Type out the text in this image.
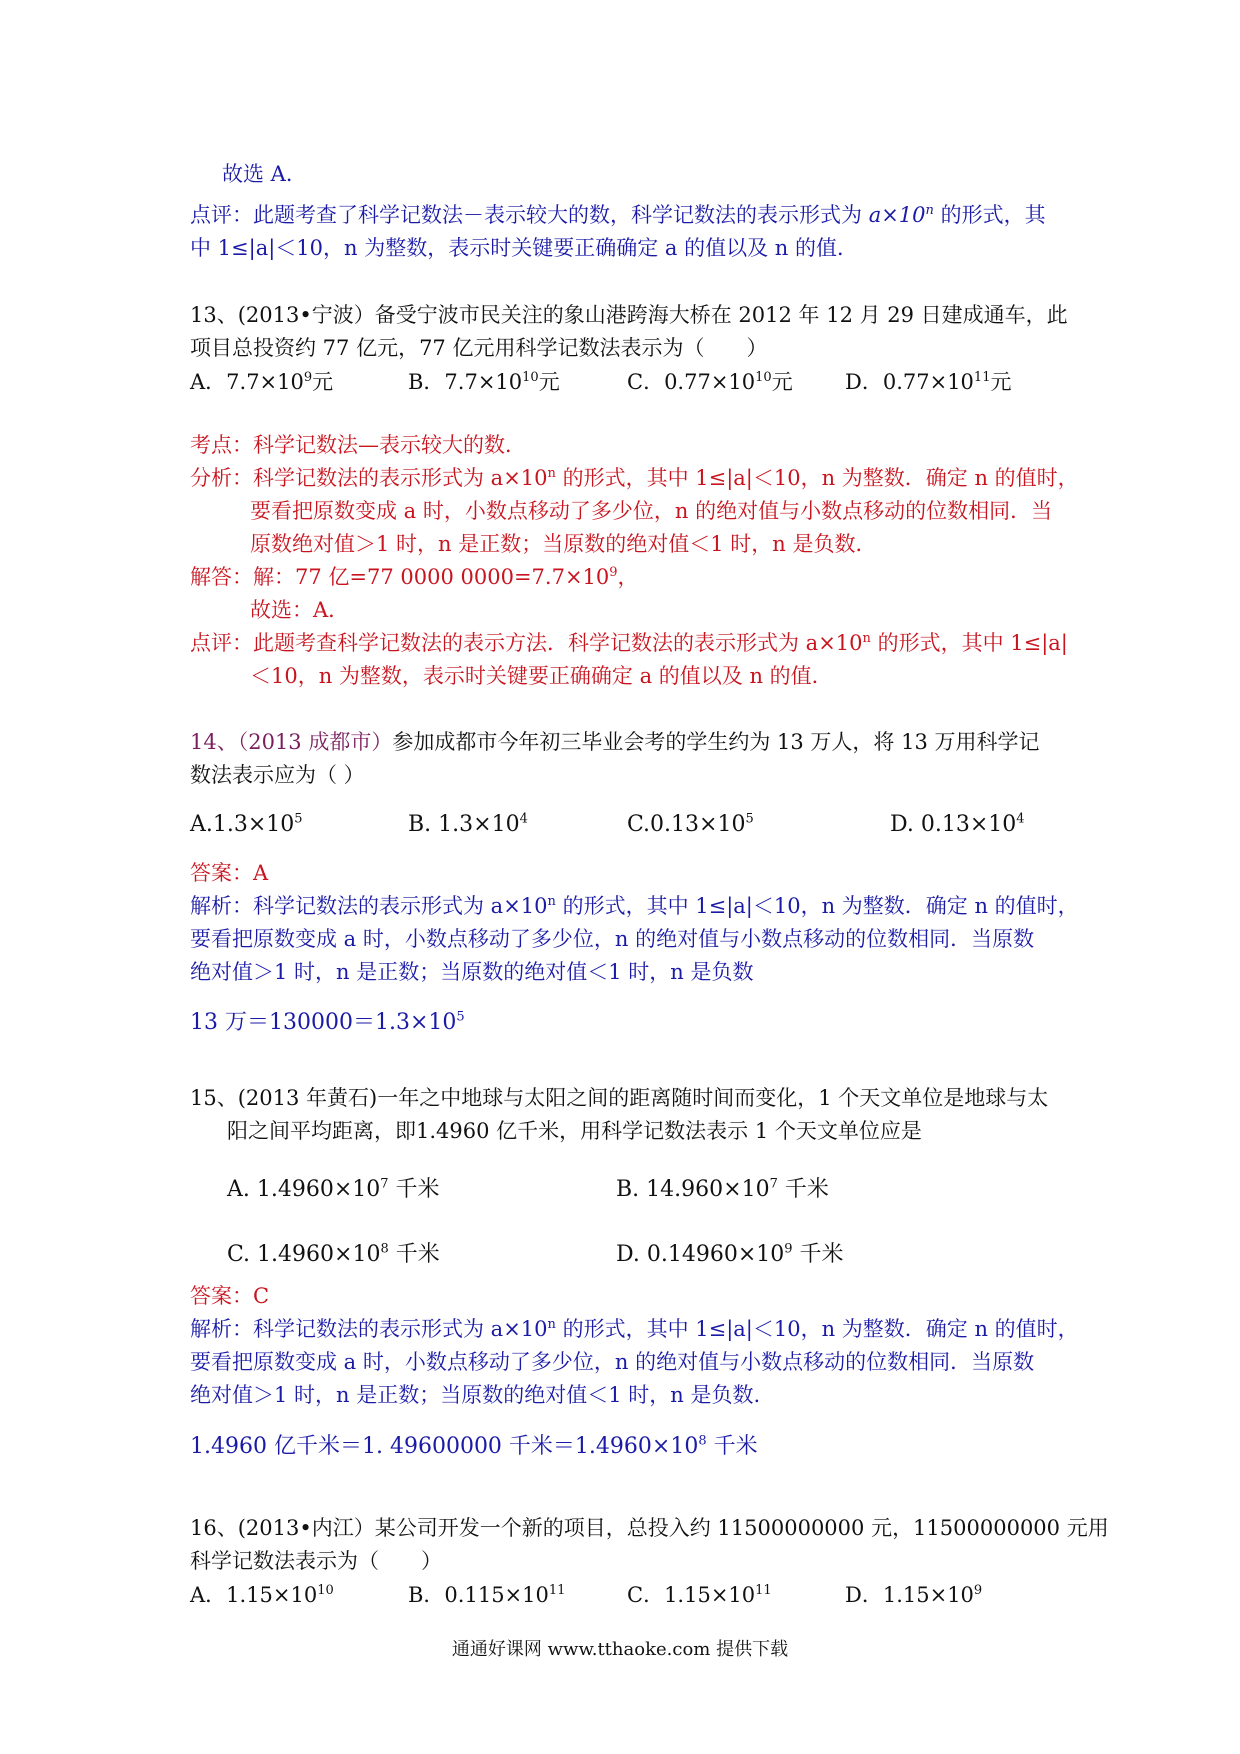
故选 A．
点评：此题考查了科学记数法－表示较大的数，科学记数法的表示形式为 $a\times 10^n$ 的形式，其
中 1≤|a|＜10，n 为整数，表示时关键要正确确定 a 的值以及 n 的值．
13、(2013•宁波）备受宁波市民关注的象山港跨海大桥在 2012 年 12 月 29 日建成通车，此
项目总投资约 77 亿元，77 亿元用科学记数法表示为（　　）
A．$7.7\times 10^9$元	B．$7.7\times 10^{10}$元	C．$0.77\times 10^{10}$元 D．$0.77\times 10^{11}$元
考点：科学记数法—表示较大的数．
分析：科学记数法的表示形式为 $a\times 10^n$ 的形式，其中 1≤|a|＜10，n 为整数．确定 n 的值时，
要看把原数变成 a 时，小数点移动了多少位，n 的绝对值与小数点移动的位数相同．当
原数绝对值＞1 时，n 是正数；当原数的绝对值＜1 时，n 是负数．
解答：解：77 亿=77 0000 $0000=7.7\times 10^9$，
故选：A．
点评：此题考查科学记数法的表示方法．科学记数法的表示形式为 $a\times 10^n$ 的形式，其中 1≤|a|
＜10，n 为整数，表示时关键要正确确定 a 的值以及 n 的值．
14、（2013 成都市）参加成都市今年初三毕业会考的学生约为 13 万人，将 13 万用科学记
数法表示应为（ ）
$A.1.3\times 10^5$	B. $1.3\times 10^4$	$C.0.13\times 10^5$	D. $0.13\times 10^4$
答案：A
解析：科学记数法的表示形式为 $a\times 10^n$ 的形式，其中 1≤|a|＜10，n 为整数．确定 n 的值时，
要看把原数变成 a 时，小数点移动了多少位，n 的绝对值与小数点移动的位数相同．当原数
绝对值＞1 时，n 是正数；当原数的绝对值＜1 时，n 是负数
13 万$=130000=1.3\times 10^5$
15、(2013 年黄石)一年之中地球与太阳之间的距离随时间而变化，1 个天文单位是地球与太
阳之间平均距离，即1.4960 亿千米，用科学记数法表示 1 个天文单位应是
A. $1.4960\times 10^7$ 千米	B. $14.960\times 10^7$ 千米
C. $1.4960\times 10^8$ 千米	D. $0.14960\times 10^9$ 千米
答案：C
解析：科学记数法的表示形式为 $a\times 10^n$ 的形式，其中 1≤|a|＜10，n 为整数．确定 n 的值时，
要看把原数变成 a 时，小数点移动了多少位，n 的绝对值与小数点移动的位数相同．当原数
绝对值＞1 时，n 是正数；当原数的绝对值＜1 时，n 是负数.
1.4960 亿千米＝1. 49600000 千米$=1.4960\times 10^8$ 千米
16、(2013•内江）某公司开发一个新的项目，总投入约 11500000000 元，11500000000 元用
科学记数法表示为（　　）
A．$1.15\times 10^{10}$	B．$0.115\times 10^{11}$	C．$1.15\times 10^{11}$	D．$1.15\times 10^9$
通通好课网 www.tthaoke.com 提供下载
